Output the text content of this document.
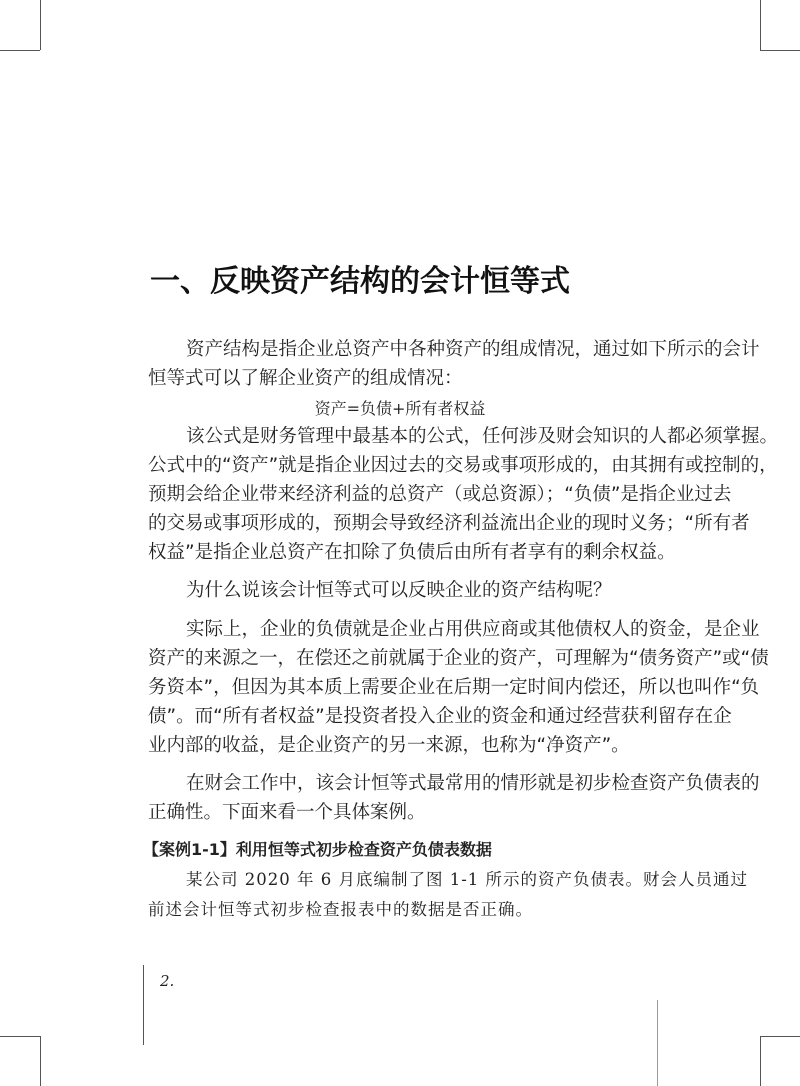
一、反映资产结构的会计恒等式
资产结构是指企业总资产中各种资产的组成情况，通过如下所示的会计
恒等式可以了解企业资产的组成情况：
资产=负债+所有者权益
该公式是财务管理中最基本的公式，任何涉及财会知识的人都必须掌握。
公式中的“资产”就是指企业因过去的交易或事项形成的，由其拥有或控制的，
预期会给企业带来经济利益的总资产（或总资源）；“负债”是指企业过去
的交易或事项形成的，预期会导致经济利益流出企业的现时义务；“所有者
权益”是指企业总资产在扣除了负债后由所有者享有的剩余权益。
为什么说该会计恒等式可以反映企业的资产结构呢？
实际上，企业的负债就是企业占用供应商或其他债权人的资金，是企业
资产的来源之一，在偿还之前就属于企业的资产，可理解为“债务资产”或“债
务资本”，但因为其本质上需要企业在后期一定时间内偿还，所以也叫作“负
债”。而“所有者权益”是投资者投入企业的资金和通过经营获利留存在企
业内部的收益，是企业资产的另一来源，也称为“净资产”。
在财会工作中，该会计恒等式最常用的情形就是初步检查资产负债表的
正确性。下面来看一个具体案例。
【案例1-1】利用恒等式初步检查资产负债表数据
某公司 2020 年 6 月底编制了图 1-1 所示的资产负债表。财会人员通过
前述会计恒等式初步检查报表中的数据是否正确。
2.
